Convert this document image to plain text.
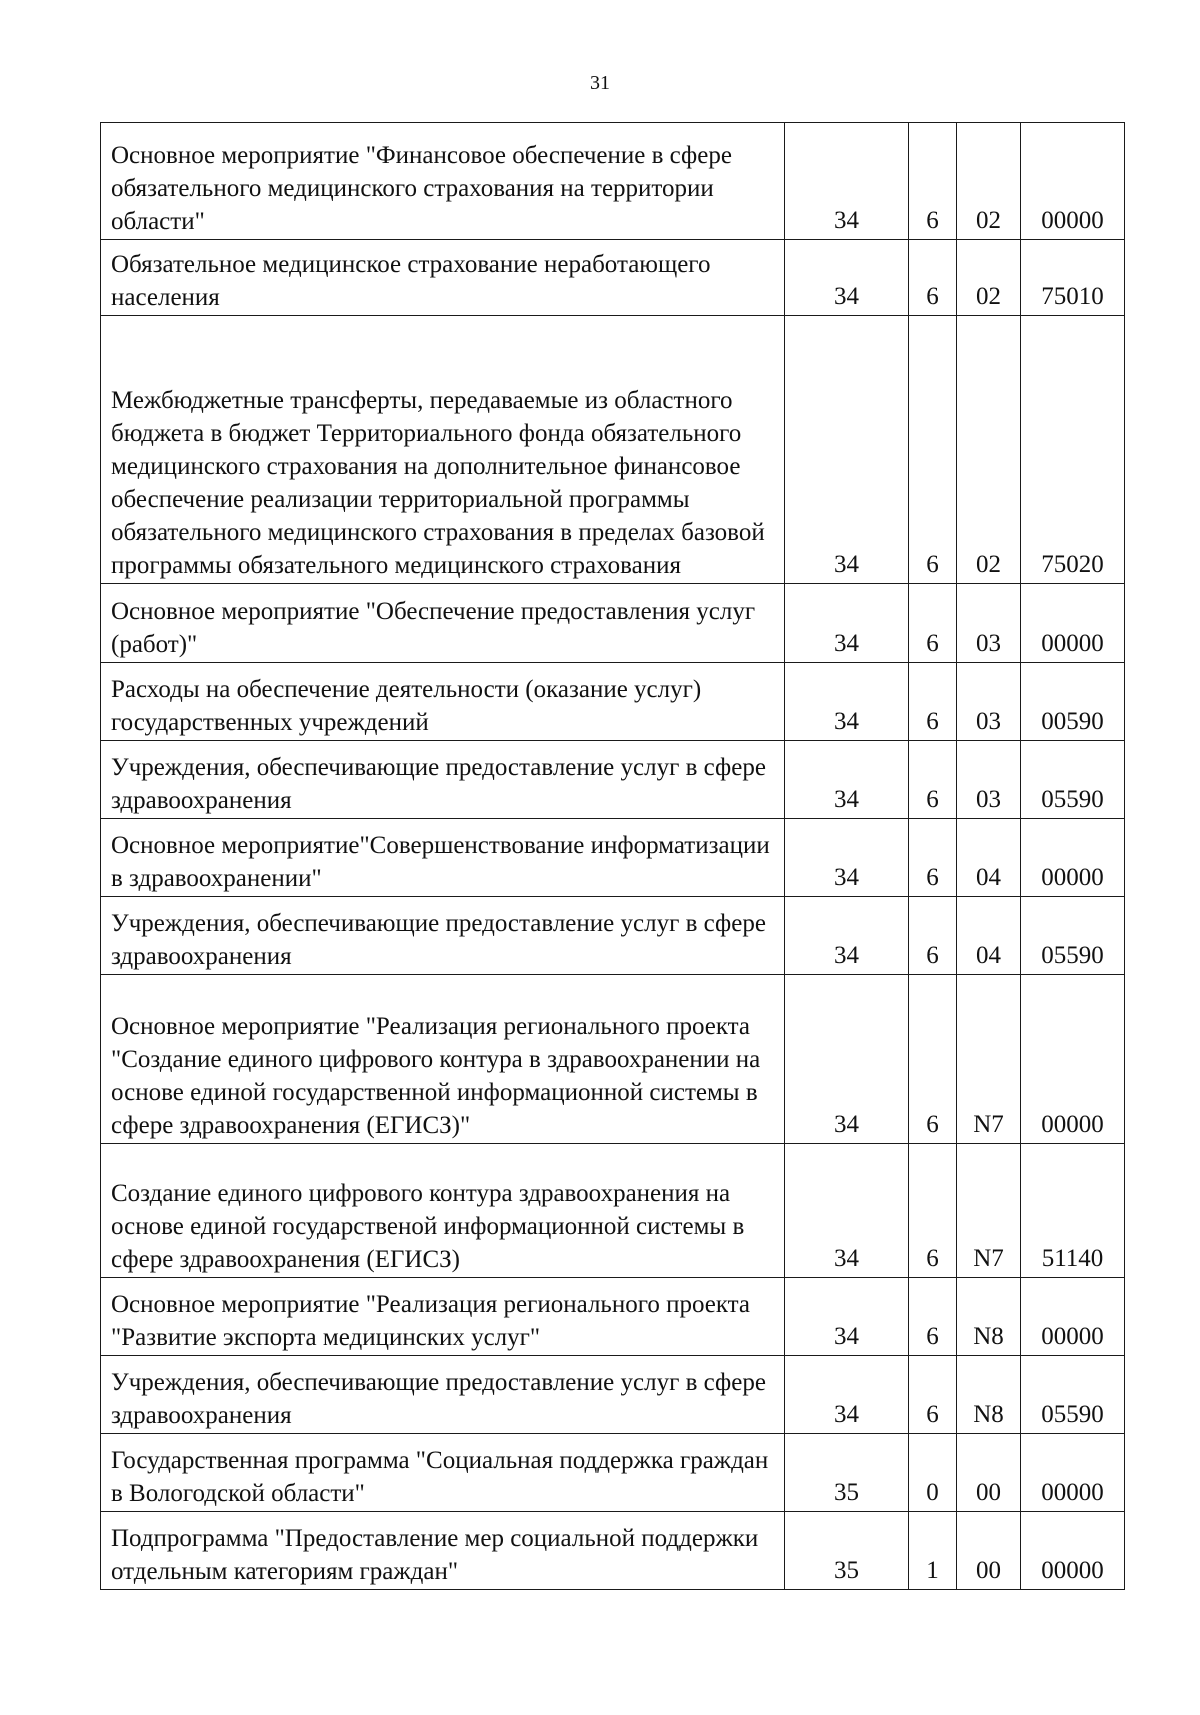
31
Основное мероприятие "Финансовое обеспечение в сфере обязательного медицинского страхования на территории области"	34	6	02	00000
Обязательное медицинское страхование неработающего населения	34	6	02	75010
Межбюджетные трансферты, передаваемые из областного бюджета в бюджет Территориального фонда обязательного медицинского страхования на дополнительное финансовое обеспечение реализации территориальной программы обязательного медицинского страхования в пределах базовой программы обязательного медицинского страхования	34	6	02	75020
Основное мероприятие "Обеспечение предоставления услуг (работ)"	34	6	03	00000
Расходы на обеспечение деятельности (оказание услуг) государственных учреждений	34	6	03	00590
Учреждения, обеспечивающие предоставление услуг в сфере здравоохранения	34	6	03	05590
Основное мероприятие"Совершенствование информатизации в здравоохранении"	34	6	04	00000
Учреждения, обеспечивающие предоставление услуг в сфере здравоохранения	34	6	04	05590
Основное мероприятие "Реализация регионального проекта "Создание единого цифрового контура в здравоохранении на основе единой государственной информационной системы в сфере здравоохранения (ЕГИСЗ)"	34	6	N7	00000
Создание единого цифрового контура здравоохранения на основе единой государственой информационной системы в сфере здравоохранения (ЕГИСЗ)	34	6	N7	51140
Основное мероприятие "Реализация регионального проекта "Развитие экспорта медицинских услуг"	34	6	N8	00000
Учреждения, обеспечивающие предоставление услуг в сфере здравоохранения	34	6	N8	05590
Государственная программа "Социальная поддержка граждан в Вологодской области"	35	0	00	00000
Подпрограмма "Предоставление мер социальной поддержки отдельным категориям граждан"	35	1	00	00000
